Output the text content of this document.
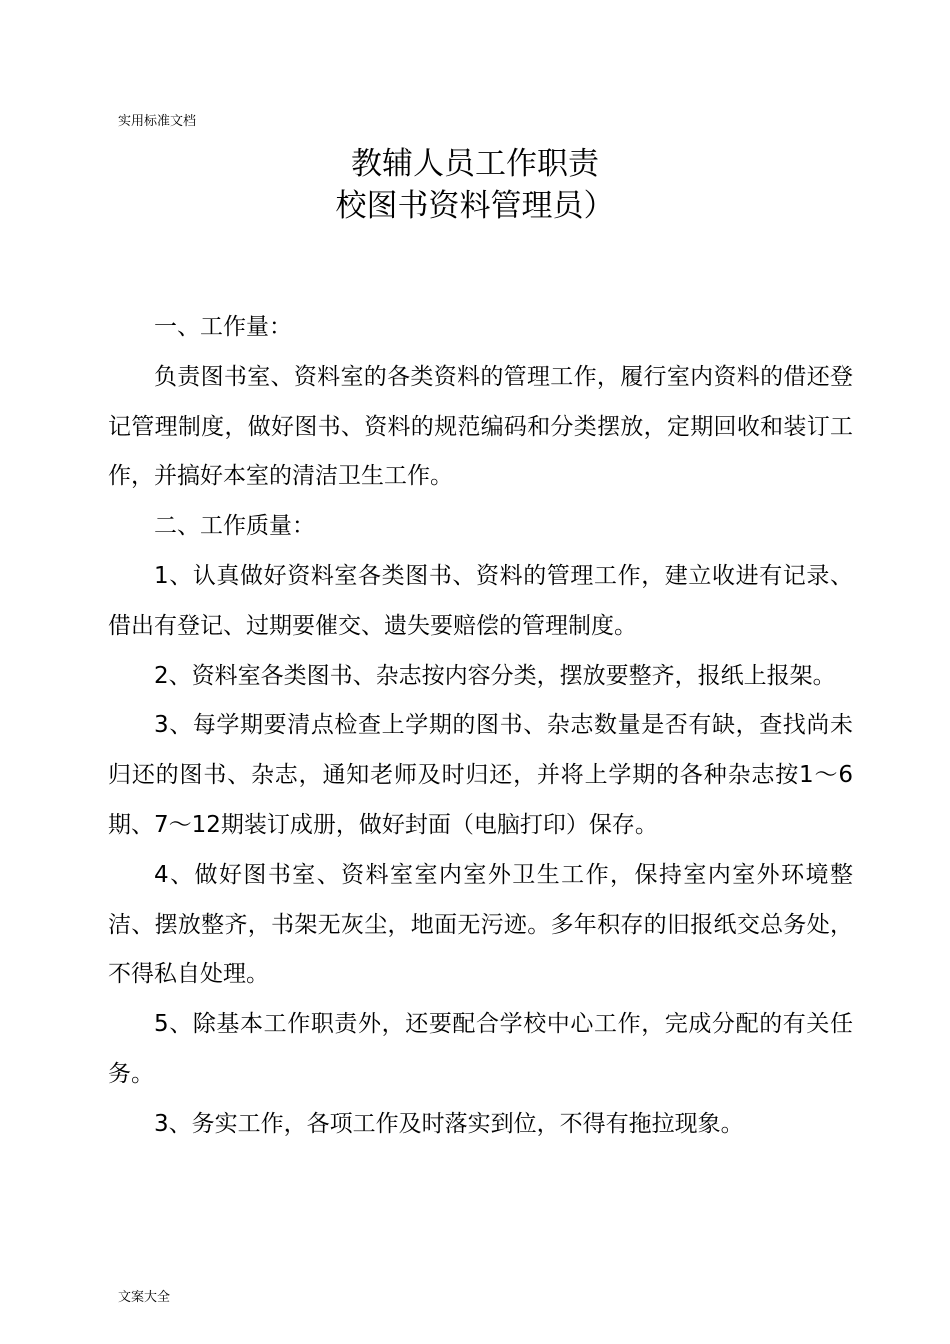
实用标准文档
教辅人员工作职责
校图书资料管理员）

一、工作量：

负责图书室、资料室的各类资料的管理工作，履行室内资料的借还登记管理制度，做好图书、资料的规范编码和分类摆放，定期回收和装订工作，并搞好本室的清洁卫生工作。

二、工作质量：

1、认真做好资料室各类图书、资料的管理工作，建立收进有记录、借出有登记、过期要催交、遗失要赔偿的管理制度。

2、资料室各类图书、杂志按内容分类，摆放要整齐，报纸上报架。

3、每学期要清点检查上学期的图书、杂志数量是否有缺，查找尚未归还的图书、杂志，通知老师及时归还，并将上学期的各种杂志按1～6期、7～12期装订成册，做好封面（电脑打印）保存。

4、做好图书室、资料室室内室外卫生工作，保持室内室外环境整洁、摆放整齐，书架无灰尘，地面无污迹。多年积存的旧报纸交总务处，不得私自处理。

5、除基本工作职责外，还要配合学校中心工作，完成分配的有关任务。

3、务实工作，各项工作及时落实到位，不得有拖拉现象。

文案大全
